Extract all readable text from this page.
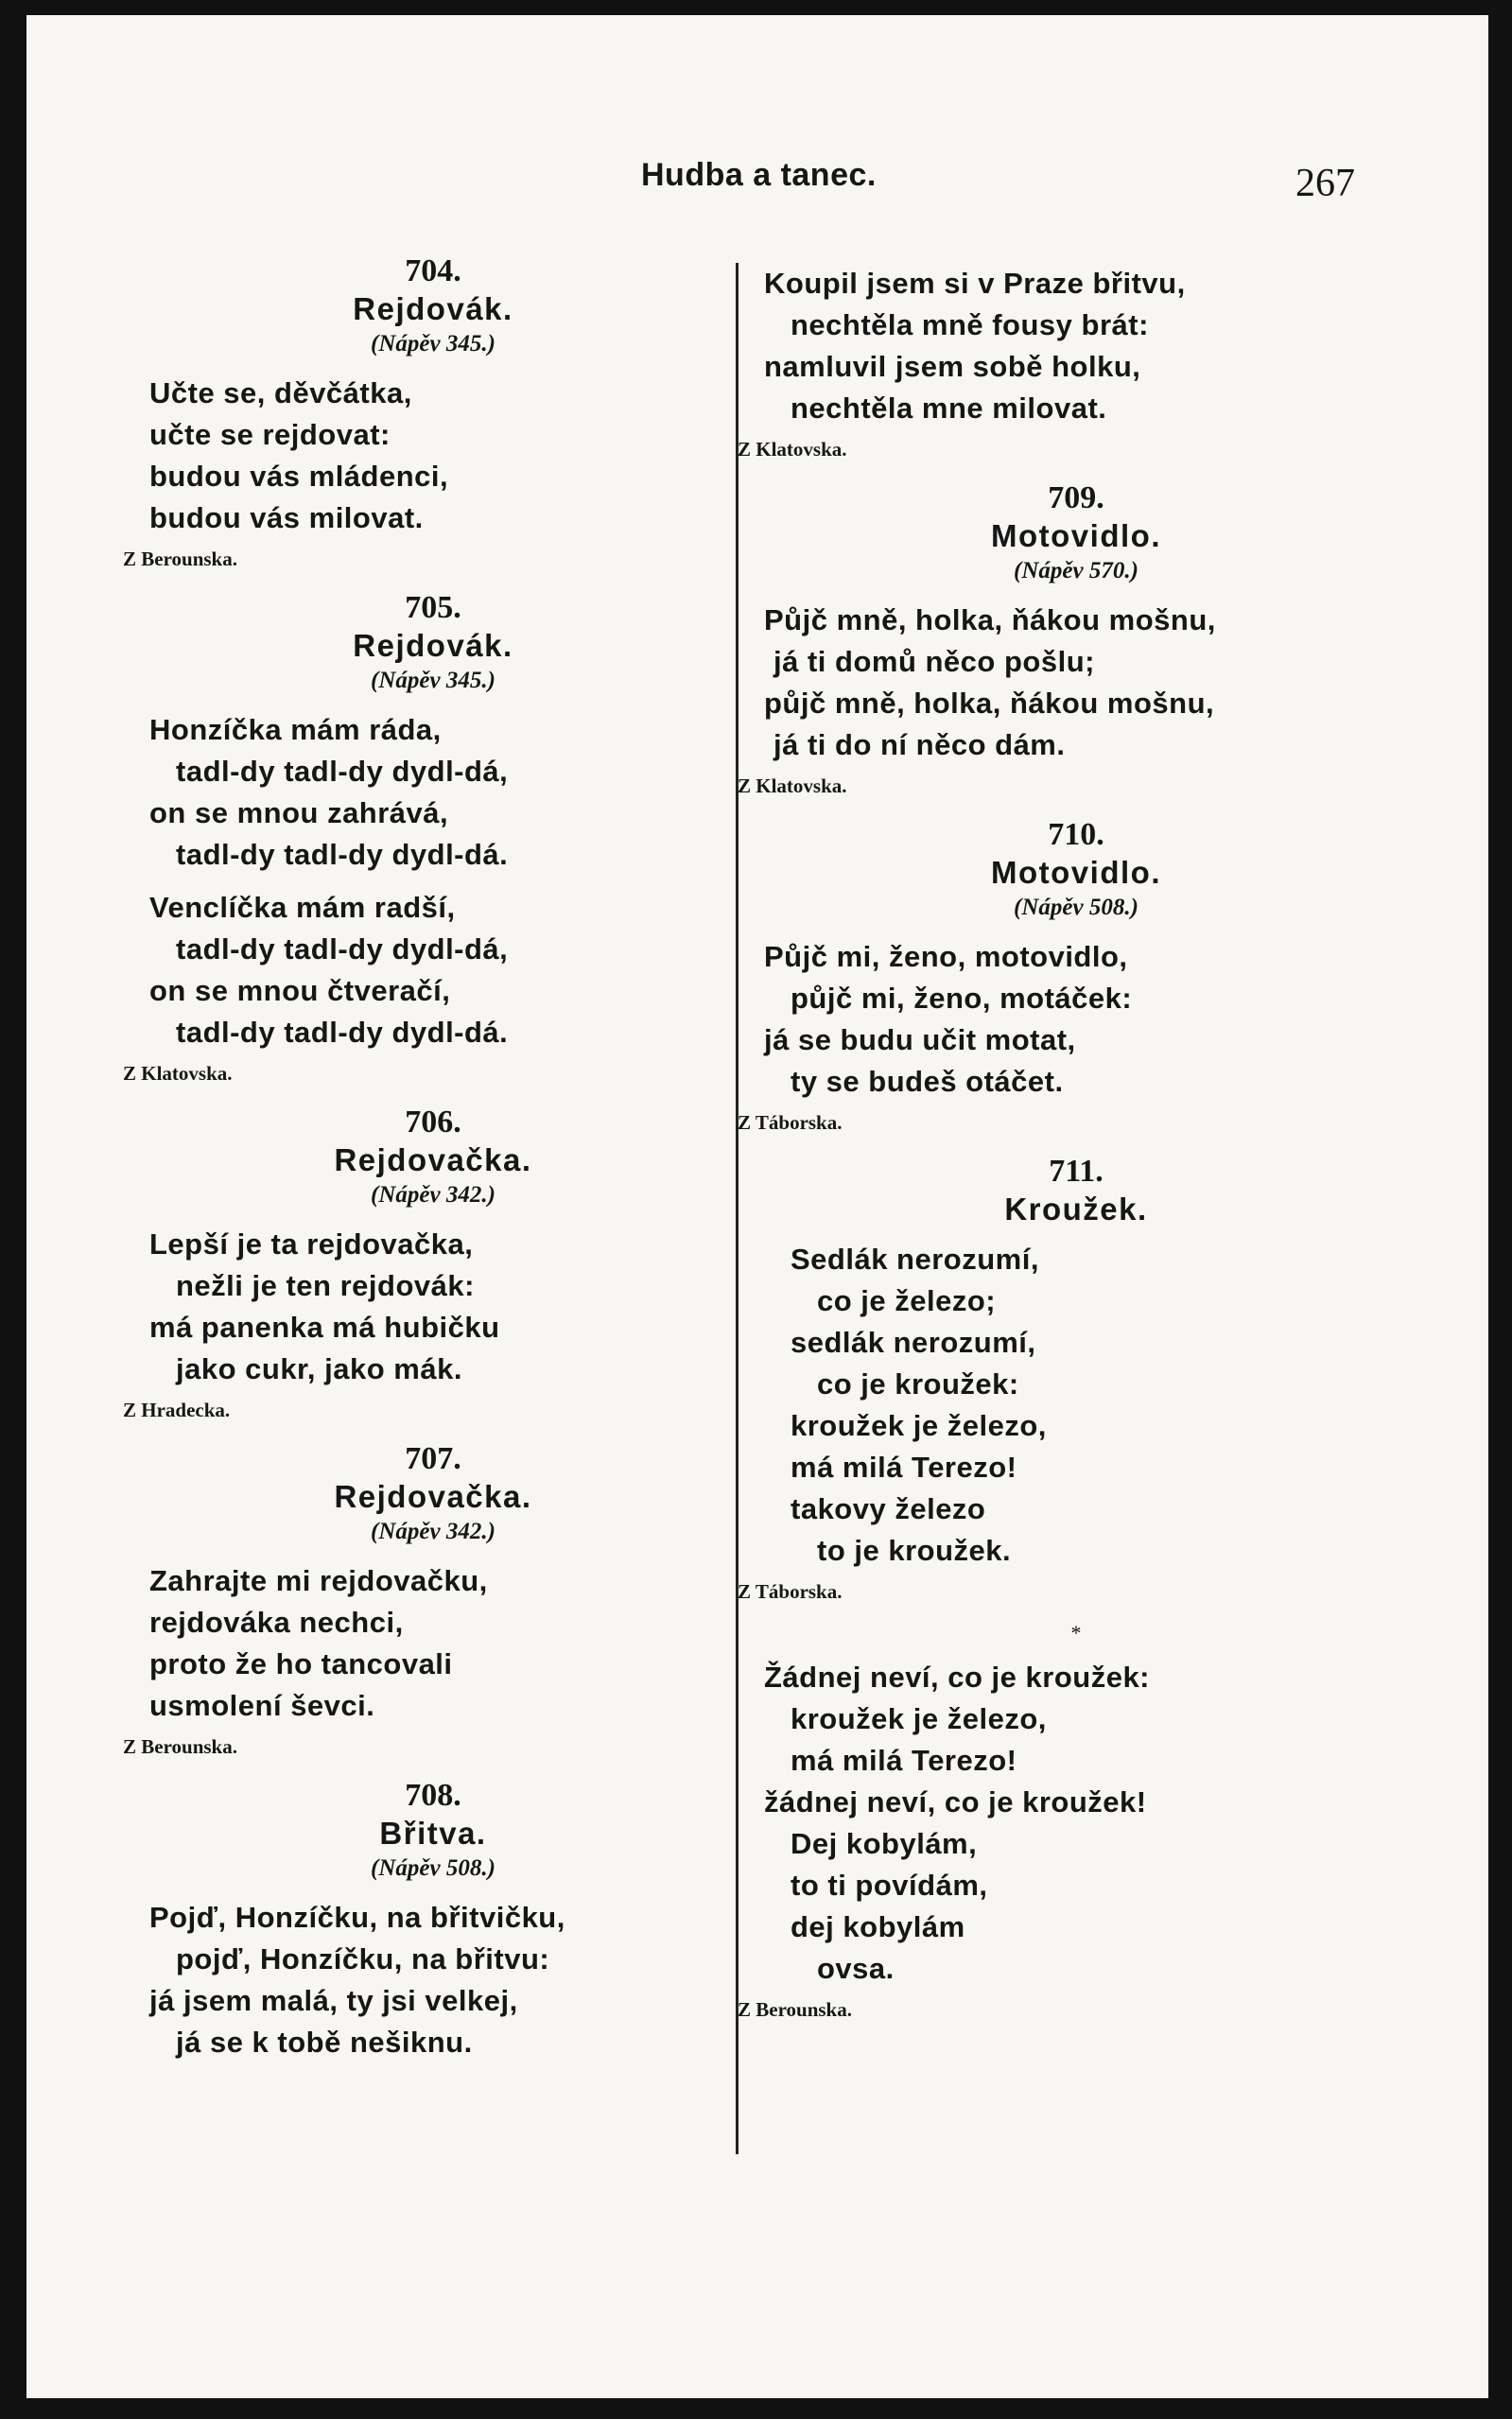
Hudba a tanec.	267
704.
Rejdovák.
(Nápěv 345.)
Učte se, děvčátka,
učte se rejdovat:
budou vás mládenci,
budou vás milovat.
Z Berounska.
705.
Rejdovák.
(Nápěv 345.)
Honzíčka mám ráda,
tadl-dy tadl-dy dydl-dá,
on se mnou zahrává,
tadl-dy tadl-dy dydl-dá.
Venclíčka mám radší,
tadl-dy tadl-dy dydl-dá,
on se mnou čtveračí,
tadl-dy tadl-dy dydl-dá.
Z Klatovska.
706.
Rejdovačka.
(Nápěv 342.)
Lepší je ta rejdovačka,
nežli je ten rejdovák:
má panenka má hubičku
jako cukr, jako mák.
Z Hradecka.
707.
Rejdovačka.
(Nápěv 342.)
Zahrajte mi rejdovačku,
rejdováka nechci,
proto že ho tancovali
usmolení ševci.
Z Berounska.
708.
Břitva.
(Nápěv 508.)
Pojď, Honzíčku, na břitvičku,
pojď, Honzíčku, na břitvu:
já jsem malá, ty jsi velkej,
já se k tobě nešiknu.
Koupil jsem si v Praze břitvu,
nechtěla mně fousy brát:
namluvil jsem sobě holku,
nechtěla mne milovat.
Z Klatovska.
709.
Motovidlo.
(Nápěv 570.)
Půjč mně, holka, ňákou mošnu,
já ti domů něco pošlu;
půjč mně, holka, ňákou mošnu,
já ti do ní něco dám.
Z Klatovska.
710.
Motovidlo.
(Nápěv 508.)
Půjč mi, ženo, motovidlo,
půjč mi, ženo, motáček:
já se budu učit motat,
ty se budeš otáčet.
Z Táborska.
711.
Kroužek.
Sedlák nerozumí,
co je železo;
sedlák nerozumí,
co je kroužek:
kroužek je železo,
má milá Terezo!
takovy železo
to je kroužek.
Z Táborska.
*
Žádnej neví, co je kroužek:
kroužek je železo,
má milá Terezo!
žádnej neví, co je kroužek!
Dej kobylám,
to ti povídám,
dej kobylám
ovsa.
Z Berounska.
